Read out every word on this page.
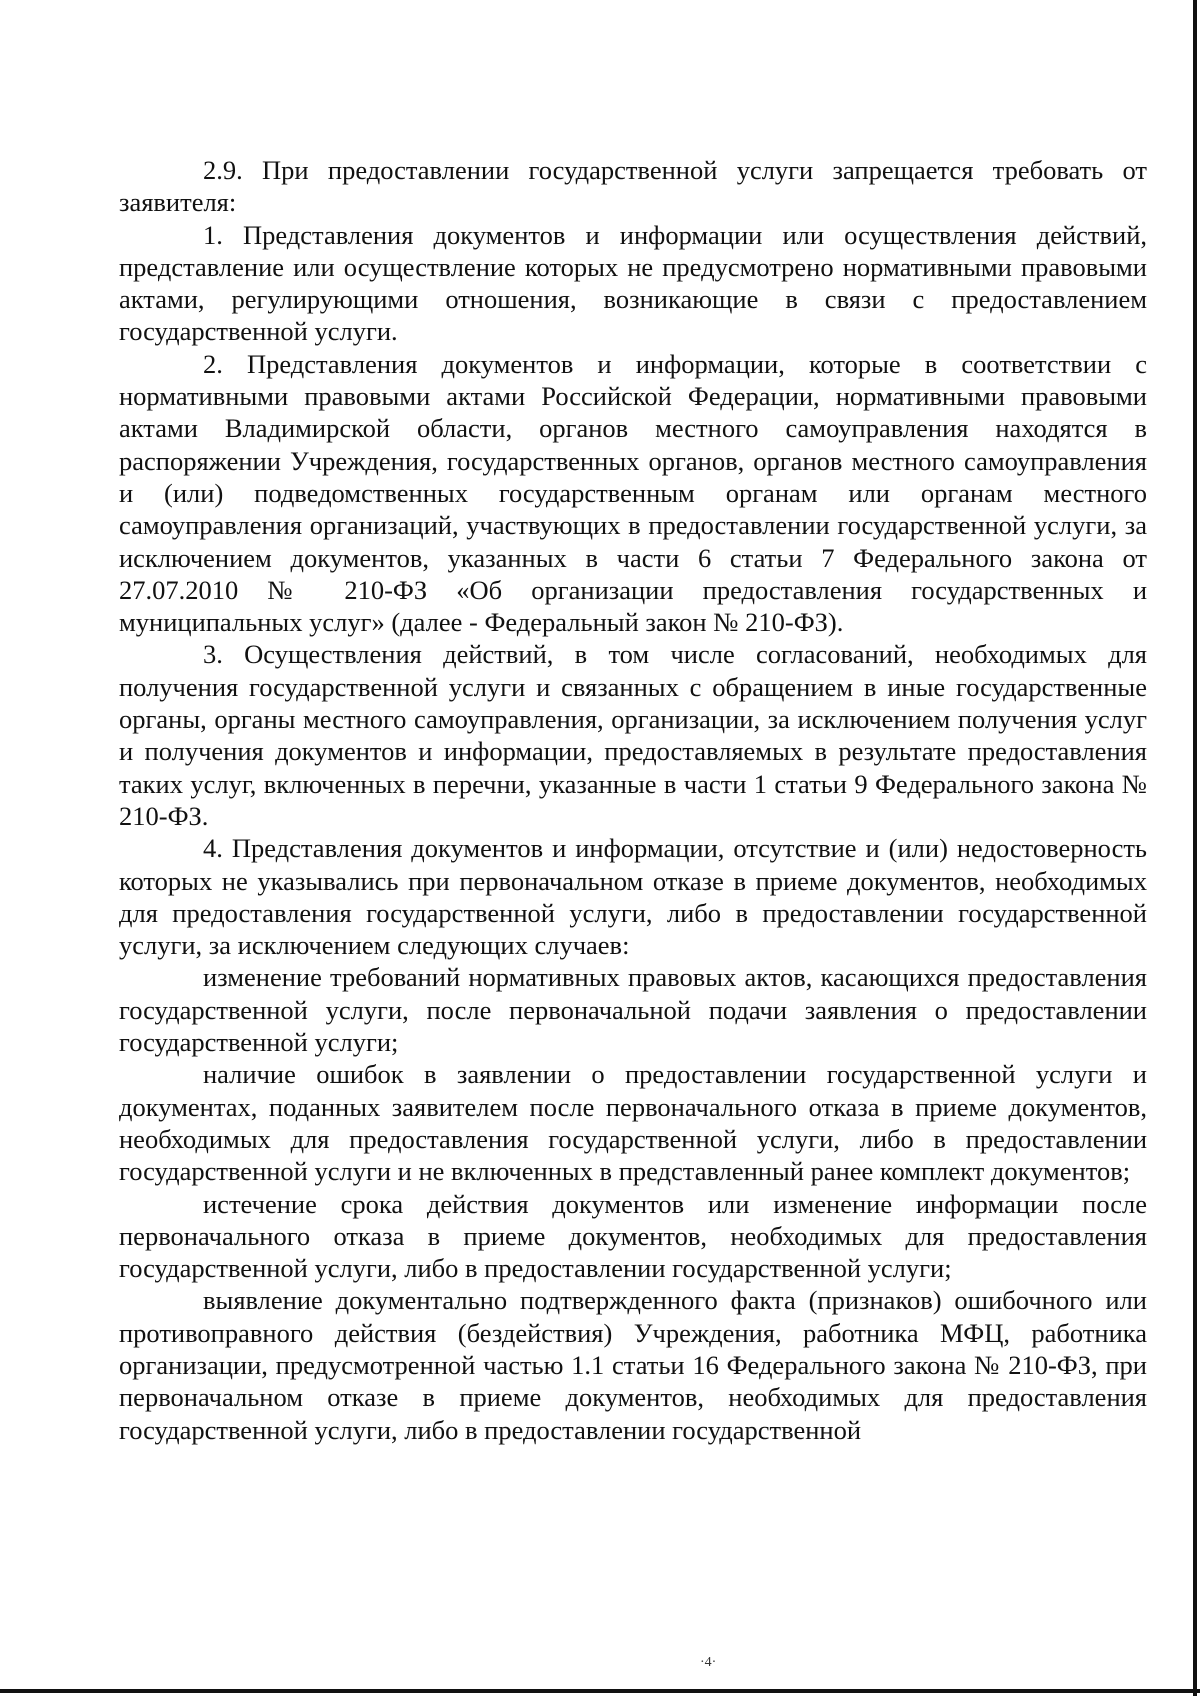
2.9. При предоставлении государственной услуги запрещается требовать от заявителя:

1. Представления документов и информации или осуществления действий, представление или осуществление которых не предусмотрено нормативными правовыми актами, регулирующими отношения, возникающие в связи с предоставлением государственной услуги.

2. Представления документов и информации, которые в соответствии с нормативными правовыми актами Российской Федерации, нормативными правовыми актами Владимирской области, органов местного самоуправления находятся в распоряжении Учреждения, государственных органов, органов местного самоуправления и (или) подведомственных государственным органам или органам местного самоуправления организаций, участвующих в предоставлении государственной услуги, за исключением документов, указанных в части 6 статьи 7 Федерального закона от 27.07.2010 № 210-ФЗ «Об организации предоставления государственных и муниципальных услуг» (далее - Федеральный закон № 210-ФЗ).

3. Осуществления действий, в том числе согласований, необходимых для получения государственной услуги и связанных с обращением в иные государственные органы, органы местного самоуправления, организации, за исключением получения услуг и получения документов и информации, предоставляемых в результате предоставления таких услуг, включенных в перечни, указанные в части 1 статьи 9 Федерального закона № 210-ФЗ.

4. Представления документов и информации, отсутствие и (или) недостоверность которых не указывались при первоначальном отказе в приеме документов, необходимых для предоставления государственной услуги, либо в предоставлении государственной услуги, за исключением следующих случаев:

изменение требований нормативных правовых актов, касающихся предоставления государственной услуги, после первоначальной подачи заявления о предоставлении государственной услуги;

наличие ошибок в заявлении о предоставлении государственной услуги и документах, поданных заявителем после первоначального отказа в приеме документов, необходимых для предоставления государственной услуги, либо в предоставлении государственной услуги и не включенных в представленный ранее комплект документов;

истечение срока действия документов или изменение информации после первоначального отказа в приеме документов, необходимых для предоставления государственной услуги, либо в предоставлении государственной услуги;

выявление документально подтвержденного факта (признаков) ошибочного или противоправного действия (бездействия) Учреждения, работника МФЦ, работника организации, предусмотренной частью 1.1 статьи 16 Федерального закона № 210-ФЗ, при первоначальном отказе в приеме документов, необходимых для предоставления государственной услуги, либо в предоставлении государственной

·4·
